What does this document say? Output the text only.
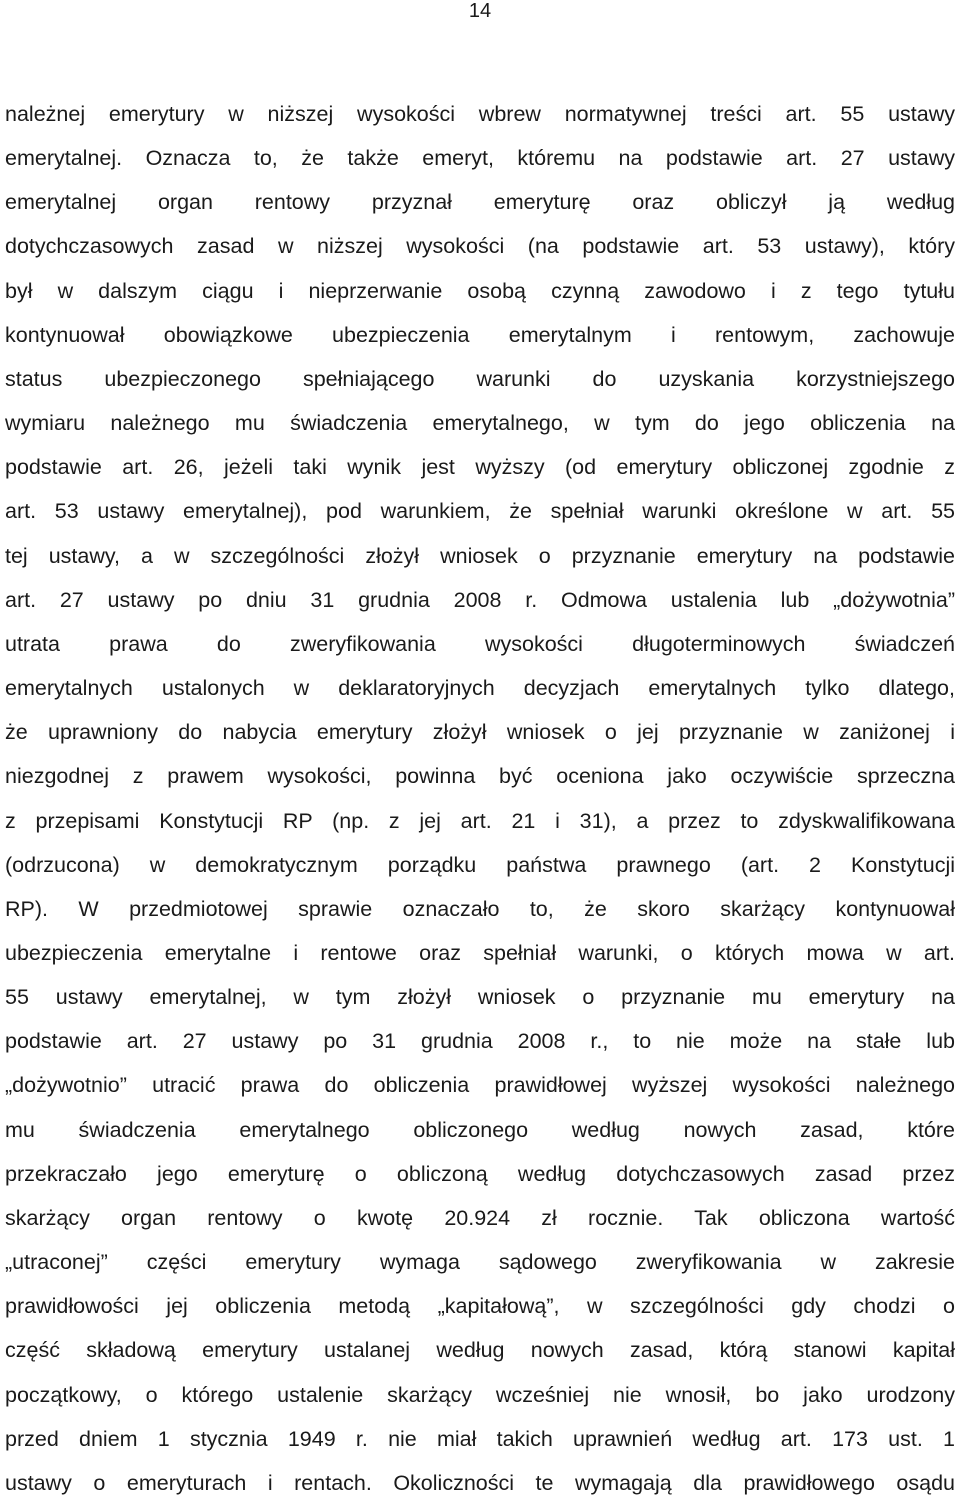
14

należnej emerytury w niższej wysokości wbrew normatywnej treści art. 55 ustawy
emerytalnej. Oznacza to, że także emeryt, któremu na podstawie art. 27 ustawy
emerytalnej organ rentowy przyznał emeryturę oraz obliczył ją według
dotychczasowych zasad w niższej wysokości (na podstawie art. 53 ustawy), który
był w dalszym ciągu i nieprzerwanie osobą czynną zawodowo i z tego tytułu
kontynuował obowiązkowe ubezpieczenia emerytalnym i rentowym, zachowuje
status ubezpieczonego spełniającego warunki do uzyskania korzystniejszego
wymiaru należnego mu świadczenia emerytalnego, w tym do jego obliczenia na
podstawie art. 26, jeżeli taki wynik jest wyższy (od emerytury obliczonej zgodnie z
art. 53 ustawy emerytalnej), pod warunkiem, że spełniał warunki określone w art. 55
tej ustawy, a w szczególności złożył wniosek o przyznanie emerytury na podstawie
art. 27 ustawy po dniu 31 grudnia 2008 r. Odmowa ustalenia lub „dożywotnia”
utrata prawa do zweryfikowania wysokości długoterminowych świadczeń
emerytalnych ustalonych w deklaratoryjnych decyzjach emerytalnych tylko dlatego,
że uprawniony do nabycia emerytury złożył wniosek o jej przyznanie w zaniżonej i
niezgodnej z prawem wysokości, powinna być oceniona jako oczywiście sprzeczna
z przepisami Konstytucji RP (np. z jej art. 21 i 31), a przez to zdyskwalifikowana
(odrzucona) w demokratycznym porządku państwa prawnego (art. 2 Konstytucji
RP). W przedmiotowej sprawie oznaczało to, że skoro skarżący kontynuował
ubezpieczenia emerytalne i rentowe oraz spełniał warunki, o których mowa w art.
55 ustawy emerytalnej, w tym złożył wniosek o przyznanie mu emerytury na
podstawie art. 27 ustawy po 31 grudnia 2008 r., to nie może na stałe lub
„dożywotnio” utracić prawa do obliczenia prawidłowej wyższej wysokości należnego
mu świadczenia emerytalnego obliczonego według nowych zasad, które
przekraczało jego emeryturę o obliczoną według dotychczasowych zasad przez
skarżący organ rentowy o kwotę 20.924 zł rocznie. Tak obliczona wartość
„utraconej” części emerytury wymaga sądowego zweryfikowania w zakresie
prawidłowości jej obliczenia metodą „kapitałową”, w szczególności gdy chodzi o
część składową emerytury ustalanej według nowych zasad, którą stanowi kapitał
początkowy, o którego ustalenie skarżący wcześniej nie wnosił, bo jako urodzony
przed dniem 1 stycznia 1949 r. nie miał takich uprawnień według art. 173 ust. 1
ustawy o emeryturach i rentach. Okoliczności te wymagają dla prawidłowego osądu
